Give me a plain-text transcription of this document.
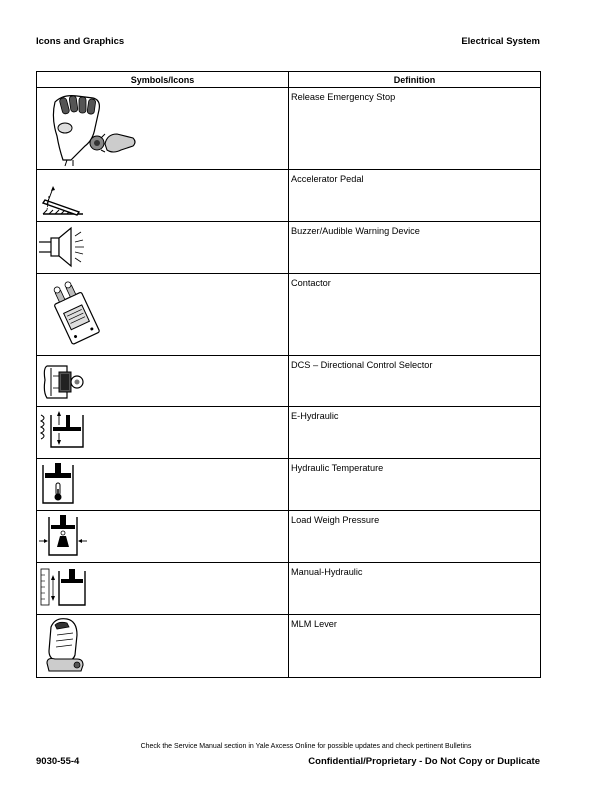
Icons and Graphics	Electrical System
Symbols/Icons	Definition

	Release Emergency Stop

	Accelerator Pedal

	Buzzer/Audible Warning Device

	Contactor

	DCS – Directional Control Selector

	E-Hydraulic

	Hydraulic Temperature

	Load Weigh Pressure

	Manual-Hydraulic

	MLM Lever
Check the Service Manual section in Yale Axcess Online for possible updates and check pertinent Bulletins
9030-55-4	Confidential/Proprietary - Do Not Copy or Duplicate
